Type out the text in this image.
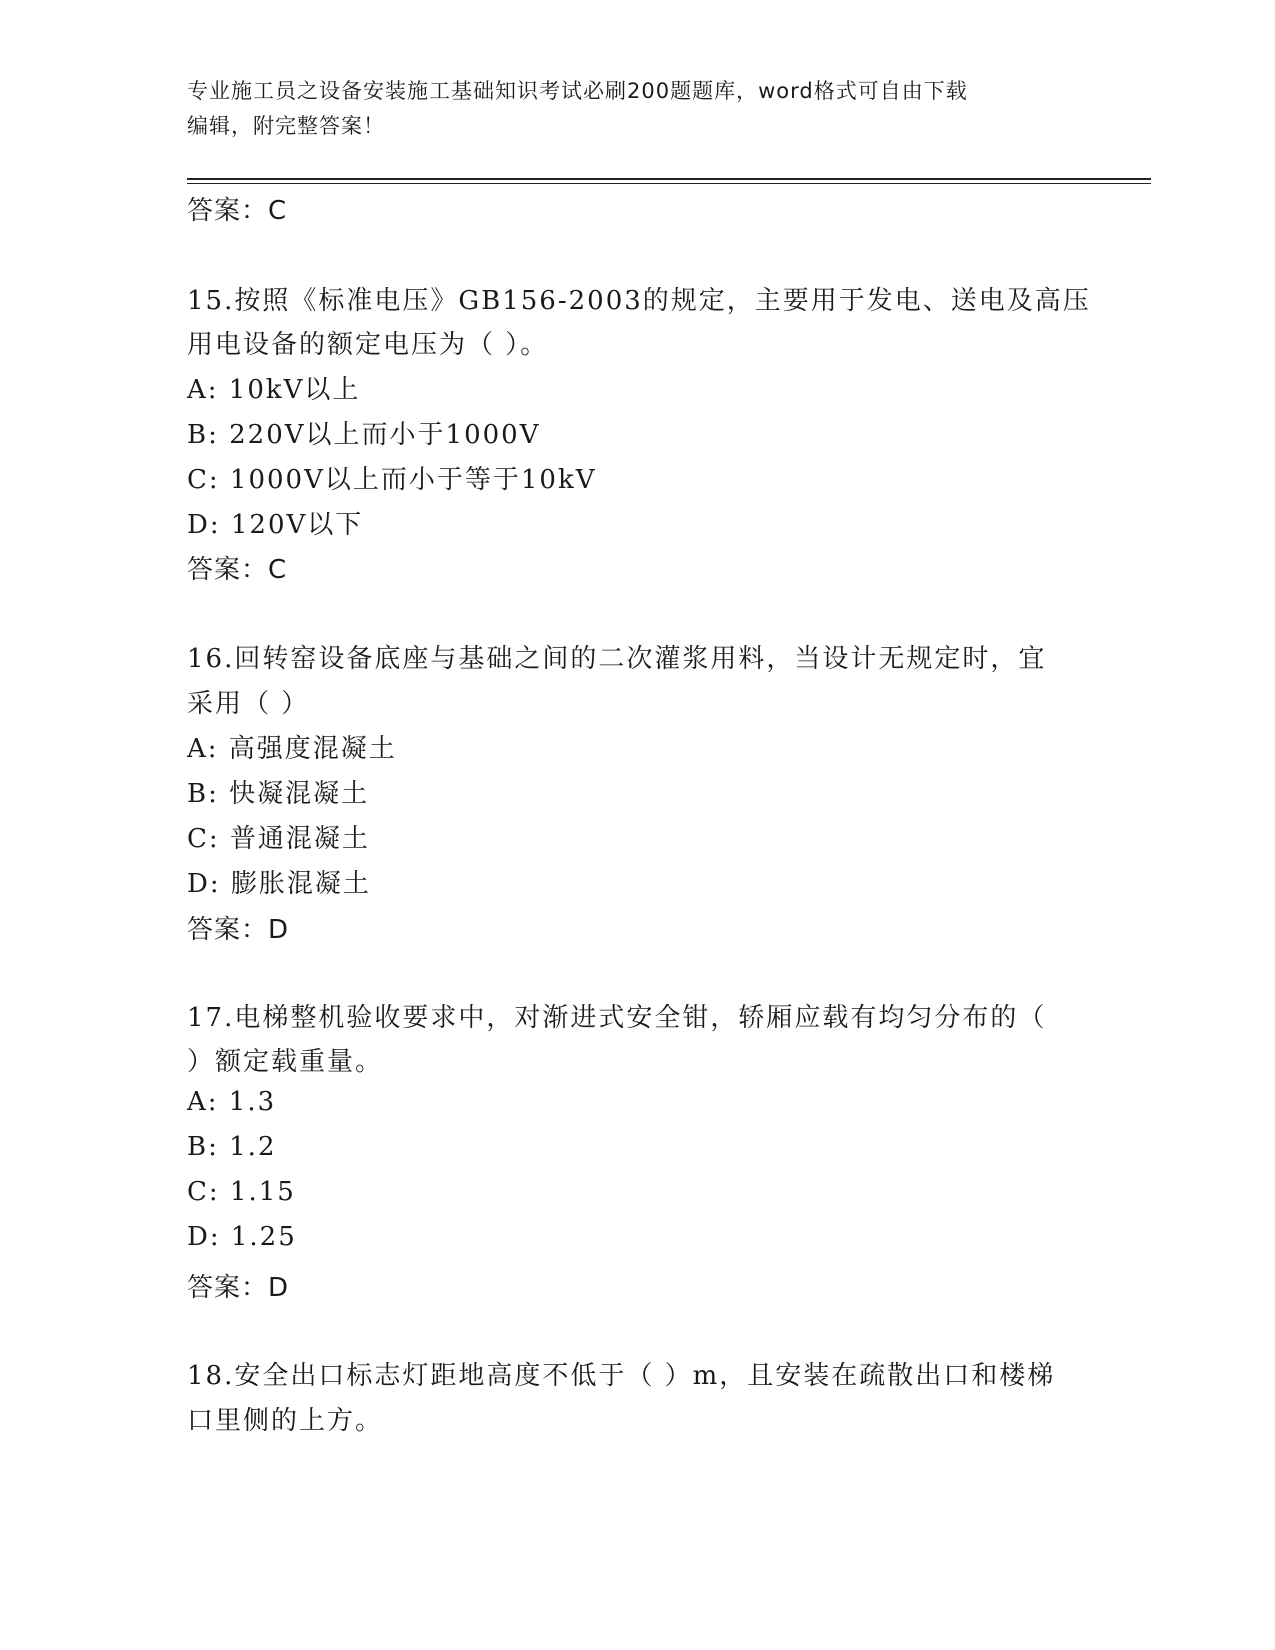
专业施工员之设备安装施工基础知识考试必刷200题题库，word格式可自由下载
编辑，附完整答案！
答案：C
15.按照《标准电压》GB156-2003的规定，主要用于发电、送电及高压
用电设备的额定电压为（ ）。
A: 10kV以上
B: 220V以上而小于1000V
C: 1000V以上而小于等于10kV
D: 120V以下
答案：C
16.回转窑设备底座与基础之间的二次灌浆用料，当设计无规定时，宜
采用（ ）
A: 高强度混凝土
B: 快凝混凝土
C: 普通混凝土
D: 膨胀混凝土
答案：D
17.电梯整机验收要求中，对渐进式安全钳，轿厢应载有均匀分布的（
）额定载重量。
A: 1.3
B: 1.2
C: 1.15
D: 1.25
答案：D
18.安全出口标志灯距地高度不低于（ ）m，且安装在疏散出口和楼梯
口里侧的上方。
